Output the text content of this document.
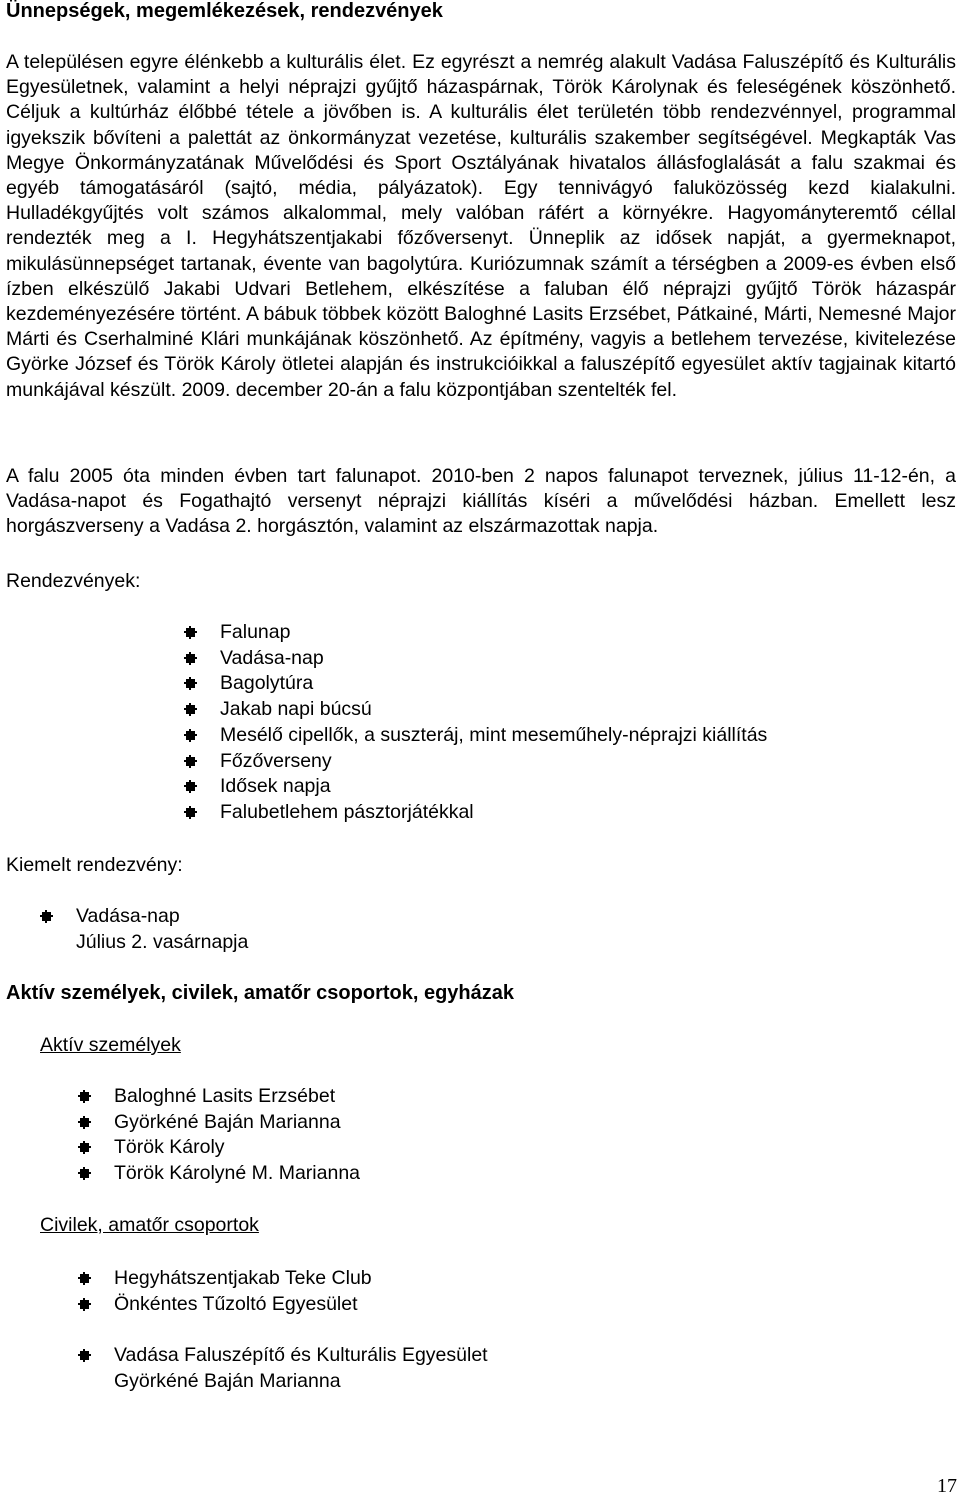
Ünnepségek, megemlékezések, rendezvények

A településen egyre élénkebb a kulturális élet. Ez egyrészt a nemrég alakult Vadása Faluszépítő és Kulturális Egyesületnek, valamint a helyi néprajzi gyűjtő házaspárnak, Török Károlynak és feleségének köszönhető. Céljuk a kultúrház élőbbé tétele a jövőben is. A kulturális élet területén több rendezvénnyel, programmal igyekszik bővíteni a palettát az önkormányzat vezetése, kulturális szakember segítségével. Megkapták Vas Megye Önkormányzatának Művelődési és Sport Osztályának hivatalos állásfoglalását a falu szakmai és egyéb támogatásáról (sajtó, média, pályázatok). Egy tennivágyó faluközösség kezd kialakulni. Hulladékgyűjtés volt számos alkalommal, mely valóban ráfért a környékre. Hagyományteremtő céllal rendezték meg a I. Hegyhátszentjakabi főzőversenyt. Ünneplik az idősek napját, a gyermeknapot, mikulásünnepséget tartanak, évente van bagolytúra. Kuriózumnak számít a térségben a 2009-es évben első ízben elkészülő Jakabi Udvari Betlehem, elkészítése a faluban élő néprajzi gyűjtő Török házaspár kezdeményezésére történt. A bábuk többek között Baloghné Lasits Erzsébet, Pátkainé, Márti, Nemesné Major Márti és Cserhalminé Klári munkájának köszönhető. Az építmény, vagyis a betlehem tervezése, kivitelezése Györke József és Török Károly ötletei alapján és instrukcióikkal a faluszépítő egyesület aktív tagjainak kitartó munkájával készült. 2009. december 20-án a falu központjában szentelték fel.

A falu 2005 óta minden évben tart falunapot. 2010-ben 2 napos falunapot terveznek, július 11-12-én, a Vadása-napot és Fogathajtó versenyt néprajzi kiállítás kíséri a művelődési házban. Emellett lesz horgászverseny a Vadása 2. horgásztón, valamint az elszármazottak napja.

Rendezvények:
Falunap
Vadása-nap
Bagolytúra
Jakab napi búcsú
Mesélő cipellők, a suszteráj, mint meseműhely-néprajzi kiállítás
Főzőverseny
Idősek napja
Falubetlehem pásztorjátékkal
Kiemelt rendezvény:
Vadása-nap
Július 2. vasárnapja
Aktív személyek, civilek, amatőr csoportok, egyházak
Aktív személyek
Baloghné Lasits Erzsébet
Györkéné Baján Marianna
Török Károly
Török Károlyné M. Marianna
Civilek, amatőr csoportok
Hegyhátszentjakab Teke Club
Önkéntes Tűzoltó Egyesület
Vadása Faluszépítő és Kulturális Egyesület
Györkéné Baján Marianna
17
